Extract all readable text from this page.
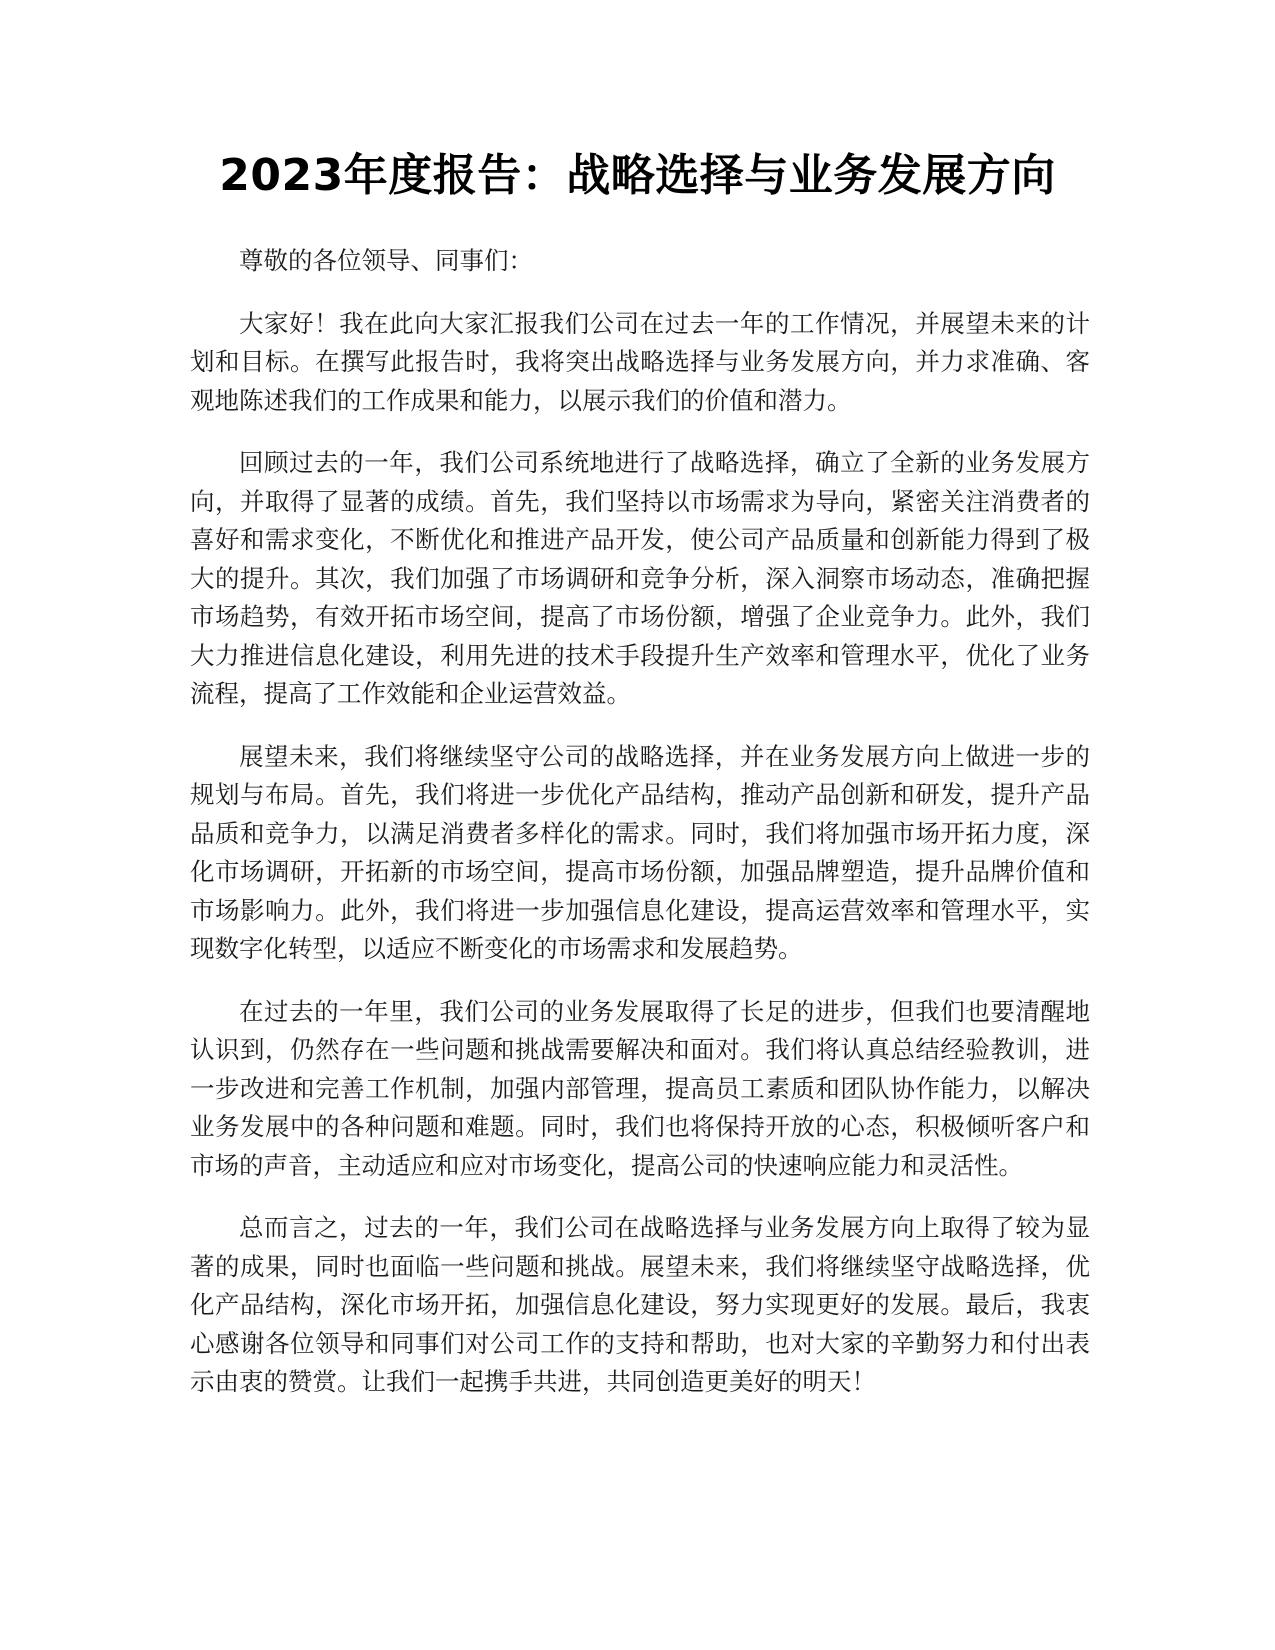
2023年度报告：战略选择与业务发展方向

尊敬的各位领导、同事们：

大家好！我在此向大家汇报我们公司在过去一年的工作情况，并展望未来的计划和目标。在撰写此报告时，我将突出战略选择与业务发展方向，并力求准确、客观地陈述我们的工作成果和能力，以展示我们的价值和潜力。

回顾过去的一年，我们公司系统地进行了战略选择，确立了全新的业务发展方向，并取得了显著的成绩。首先，我们坚持以市场需求为导向，紧密关注消费者的喜好和需求变化，不断优化和推进产品开发，使公司产品质量和创新能力得到了极大的提升。其次，我们加强了市场调研和竞争分析，深入洞察市场动态，准确把握市场趋势，有效开拓市场空间，提高了市场份额，增强了企业竞争力。此外，我们大力推进信息化建设，利用先进的技术手段提升生产效率和管理水平，优化了业务流程，提高了工作效能和企业运营效益。

展望未来，我们将继续坚守公司的战略选择，并在业务发展方向上做进一步的规划与布局。首先，我们将进一步优化产品结构，推动产品创新和研发，提升产品品质和竞争力，以满足消费者多样化的需求。同时，我们将加强市场开拓力度，深化市场调研，开拓新的市场空间，提高市场份额，加强品牌塑造，提升品牌价值和市场影响力。此外，我们将进一步加强信息化建设，提高运营效率和管理水平，实现数字化转型，以适应不断变化的市场需求和发展趋势。

在过去的一年里，我们公司的业务发展取得了长足的进步，但我们也要清醒地认识到，仍然存在一些问题和挑战需要解决和面对。我们将认真总结经验教训，进一步改进和完善工作机制，加强内部管理，提高员工素质和团队协作能力，以解决业务发展中的各种问题和难题。同时，我们也将保持开放的心态，积极倾听客户和市场的声音，主动适应和应对市场变化，提高公司的快速响应能力和灵活性。

总而言之，过去的一年，我们公司在战略选择与业务发展方向上取得了较为显著的成果，同时也面临一些问题和挑战。展望未来，我们将继续坚守战略选择，优化产品结构，深化市场开拓，加强信息化建设，努力实现更好的发展。最后，我衷心感谢各位领导和同事们对公司工作的支持和帮助，也对大家的辛勤努力和付出表示由衷的赞赏。让我们一起携手共进，共同创造更美好的明天！
